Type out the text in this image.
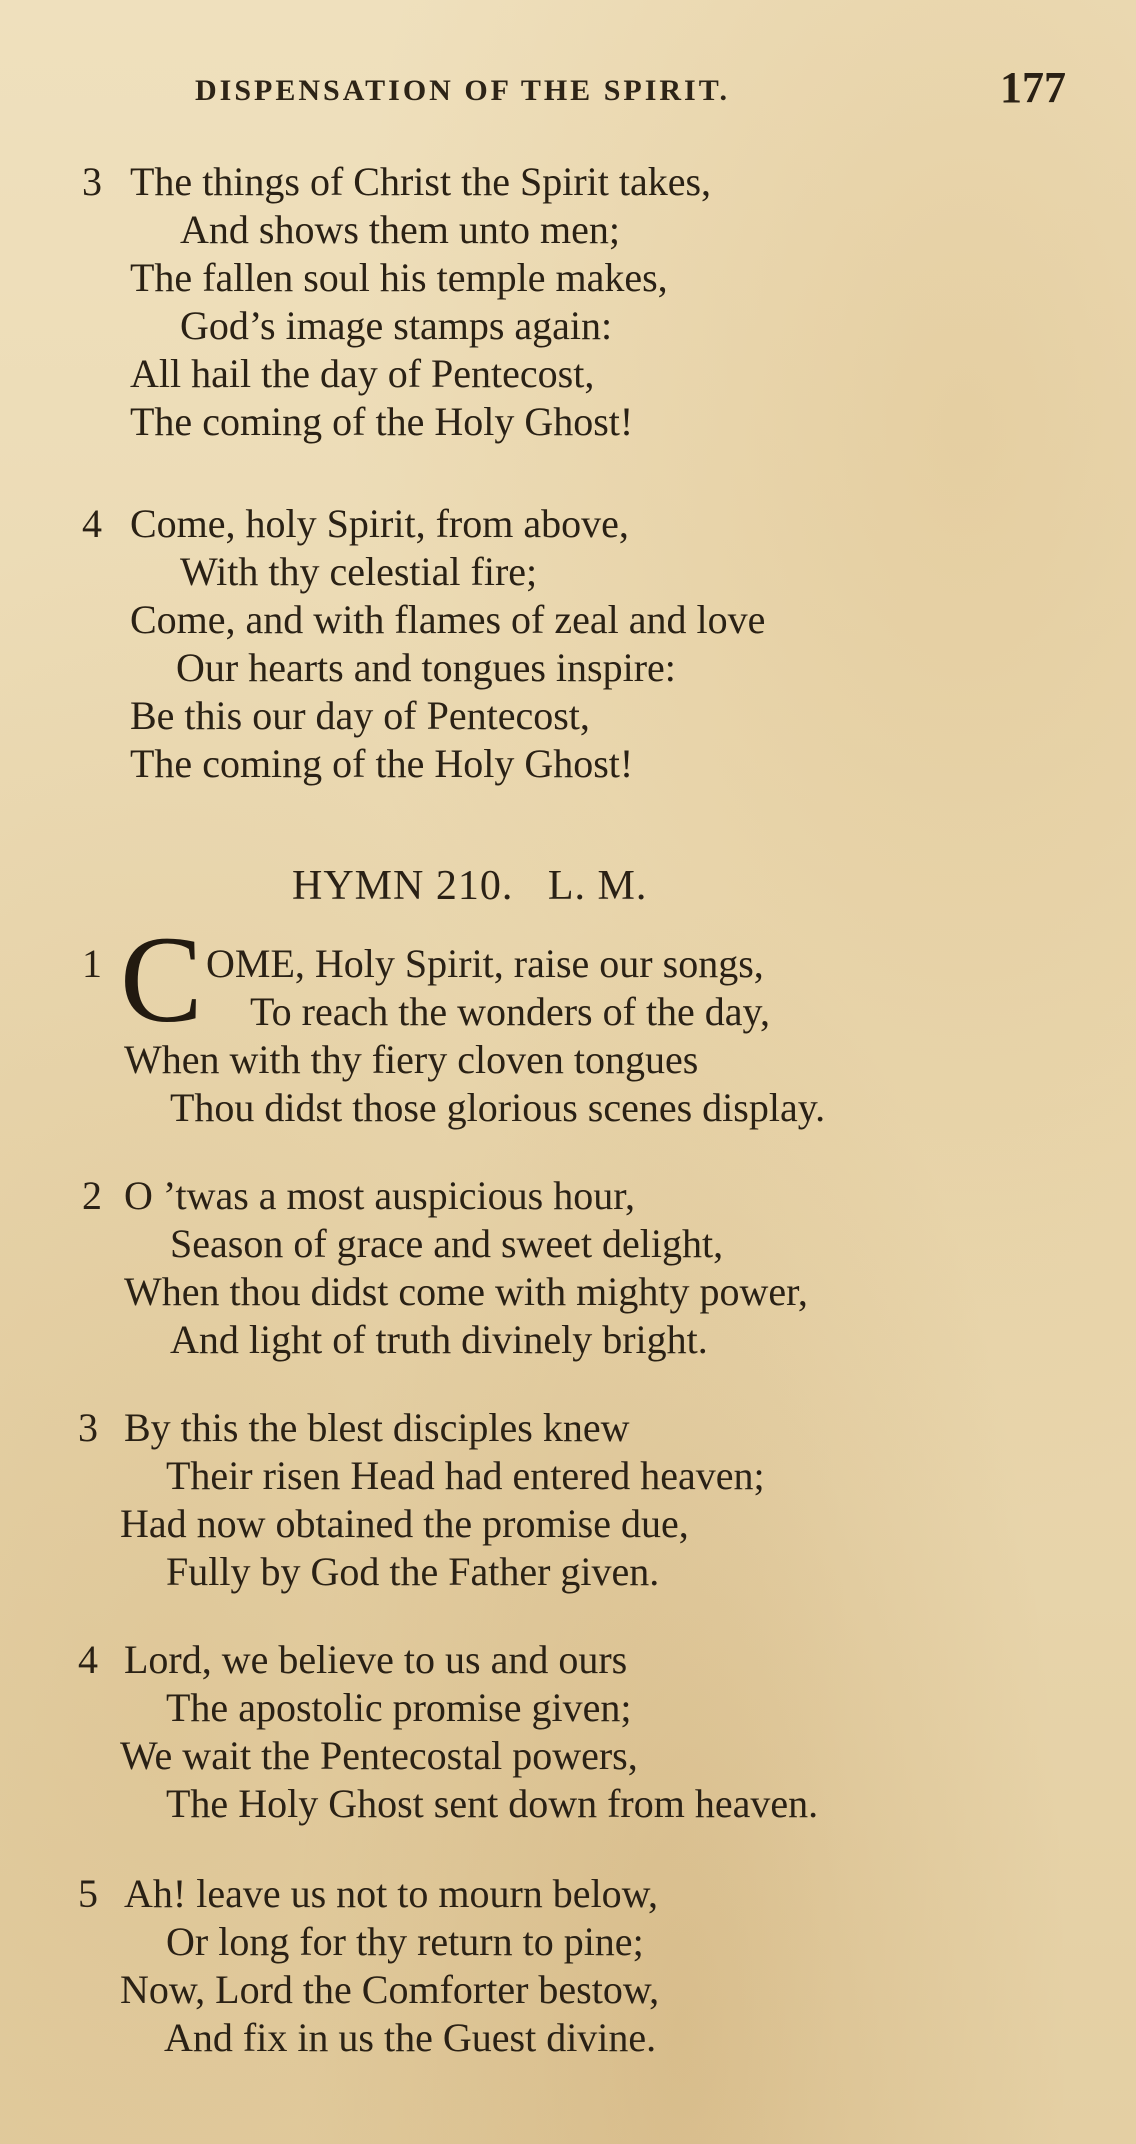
DISPENSATION OF THE SPIRIT.	177
3 The things of Christ the Spirit takes,
And shows them unto men;
The fallen soul his temple makes,
God’s image stamps again:
All hail the day of Pentecost,
The coming of the Holy Ghost!
4 Come, holy Spirit, from above,
With thy celestial fire;
Come, and with flames of zeal and love
Our hearts and tongues inspire:
Be this our day of Pentecost,
The coming of the Holy Ghost!
HYMN 210.   L. M.
1 C OME, Holy Spirit, raise our songs,
To reach the wonders of the day,
When with thy fiery cloven tongues
Thou didst those glorious scenes display.
2 O ’twas a most auspicious hour,
Season of grace and sweet delight,
When thou didst come with mighty power,
And light of truth divinely bright.
3 By this the blest disciples knew
Their risen Head had entered heaven;
Had now obtained the promise due,
Fully by God the Father given.
4 Lord, we believe to us and ours
The apostolic promise given;
We wait the Pentecostal powers,
The Holy Ghost sent down from heaven.
5 Ah! leave us not to mourn below,
Or long for thy return to pine;
Now, Lord the Comforter bestow,
And fix in us the Guest divine.
